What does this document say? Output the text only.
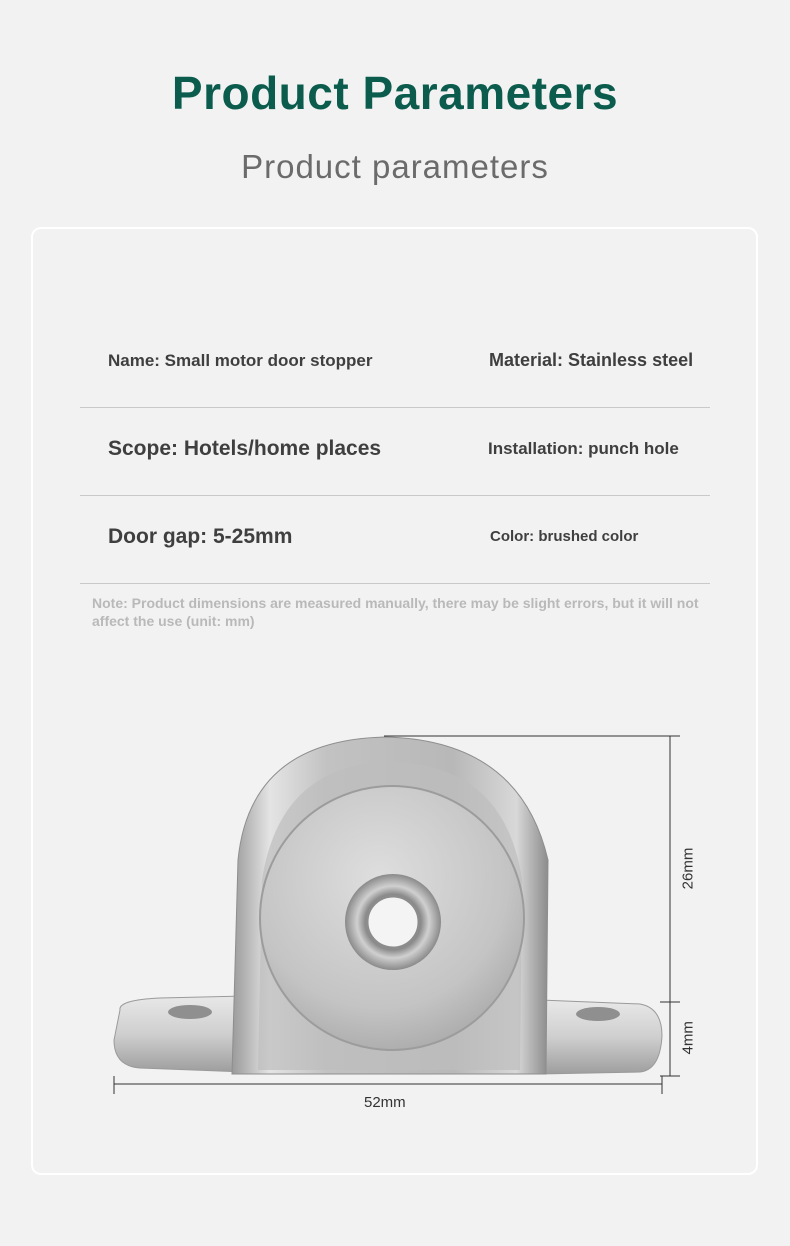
Product Parameters
Product parameters
Name: Small motor door stopper	Material: Stainless steel
Scope: Hotels/home places	Installation: punch hole
Door gap: 5-25mm	Color: brushed color
Note: Product dimensions are measured manually, there may be slight errors, but it will not affect the use (unit: mm)
52mm
26mm
4mm
